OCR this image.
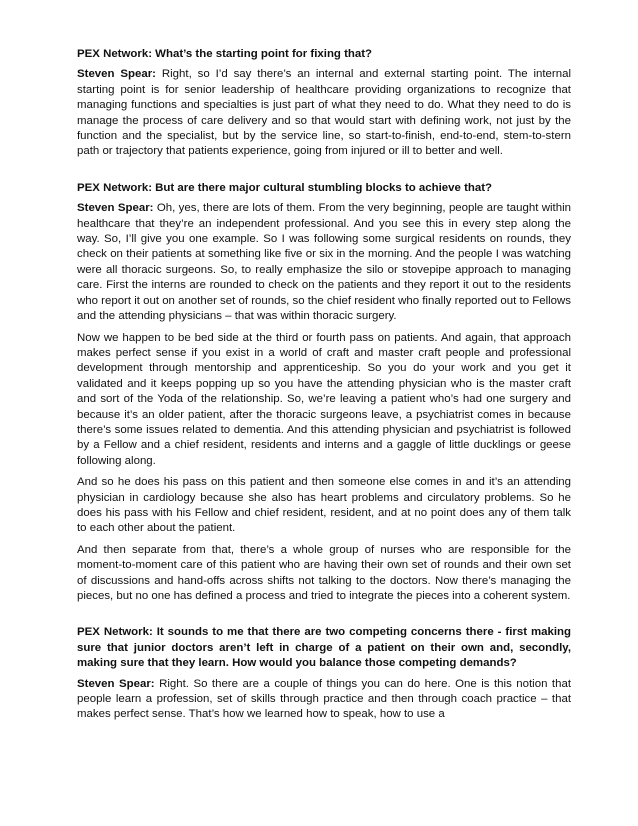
PEX Network: What’s the starting point for fixing that?

Steven Spear: Right, so I’d say there’s an internal and external starting point. The internal starting point is for senior leadership of healthcare providing organizations to recognize that managing functions and specialties is just part of what they need to do. What they need to do is manage the process of care delivery and so that would start with defining work, not just by the function and the specialist, but by the service line, so start-to-finish, end-to-end, stem-to-stern path or trajectory that patients experience, going from injured or ill to better and well.

PEX Network: But are there major cultural stumbling blocks to achieve that?

Steven Spear: Oh, yes, there are lots of them. From the very beginning, people are taught within healthcare that they’re an independent professional. And you see this in every step along the way. So, I’ll give you one example. So I was following some surgical residents on rounds, they check on their patients at something like five or six in the morning. And the people I was watching were all thoracic surgeons. So, to really emphasize the silo or stovepipe approach to managing care. First the interns are rounded to check on the patients and they report it out to the residents who report it out on another set of rounds, so the chief resident who finally reported out to Fellows and the attending physicians – that was within thoracic surgery.

Now we happen to be bed side at the third or fourth pass on patients. And again, that approach makes perfect sense if you exist in a world of craft and master craft people and professional development through mentorship and apprenticeship. So you do your work and you get it validated and it keeps popping up so you have the attending physician who is the master craft and sort of the Yoda of the relationship. So, we’re leaving a patient who’s had one surgery and because it’s an older patient, after the thoracic surgeons leave, a psychiatrist comes in because there’s some issues related to dementia. And this attending physician and psychiatrist is followed by a Fellow and a chief resident, residents and interns and a gaggle of little ducklings or geese following along.

And so he does his pass on this patient and then someone else comes in and it’s an attending physician in cardiology because she also has heart problems and circulatory problems. So he does his pass with his Fellow and chief resident, resident, and at no point does any of them talk to each other about the patient.

And then separate from that, there’s a whole group of nurses who are responsible for the moment-to-moment care of this patient who are having their own set of rounds and their own set of discussions and hand-offs across shifts not talking to the doctors. Now there’s managing the pieces, but no one has defined a process and tried to integrate the pieces into a coherent system.

PEX Network: It sounds to me that there are two competing concerns there - first making sure that junior doctors aren’t left in charge of a patient on their own and, secondly, making sure that they learn. How would you balance those competing demands?

Steven Spear: Right. So there are a couple of things you can do here. One is this notion that people learn a profession, set of skills through practice and then through coach practice – that makes perfect sense. That’s how we learned how to speak, how to use a
